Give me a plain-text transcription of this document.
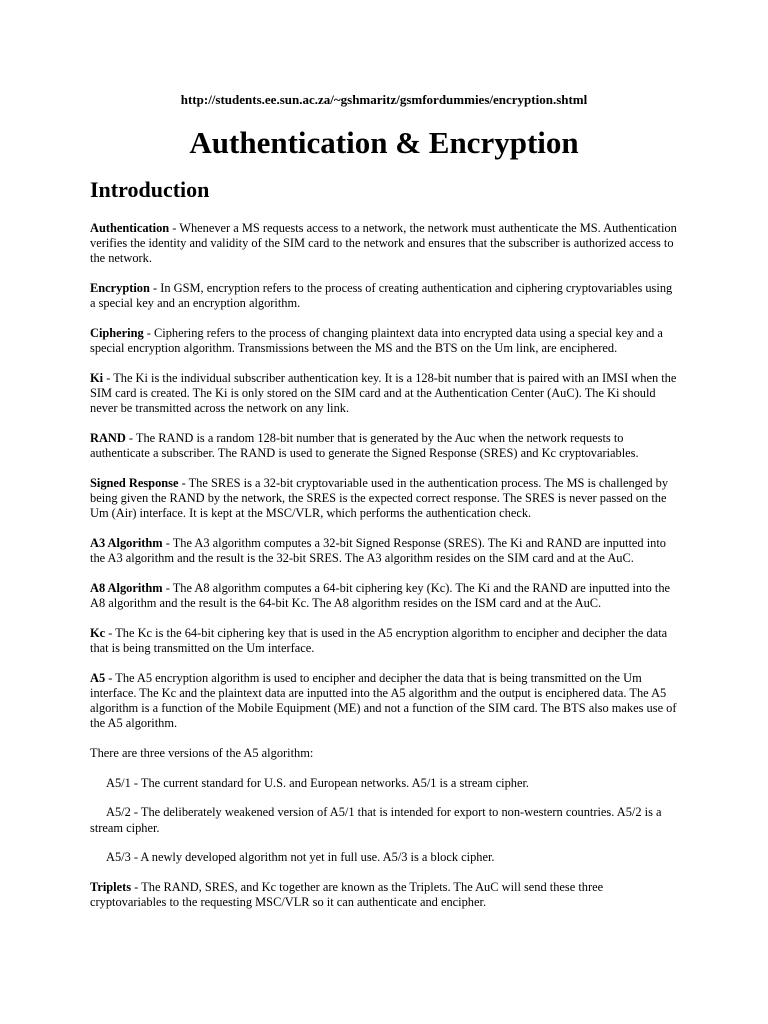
http://students.ee.sun.ac.za/~gshmaritz/gsmfordummies/encryption.shtml
Authentication & Encryption
Introduction

Authentication - Whenever a MS requests access to a network, the network must authenticate the MS. Authentication verifies the identity and validity of the SIM card to the network and ensures that the subscriber is authorized access to the network.

Encryption - In GSM, encryption refers to the process of creating authentication and ciphering cryptovariables using a special key and an encryption algorithm.

Ciphering - Ciphering refers to the process of changing plaintext data into encrypted data using a special key and a special encryption algorithm. Transmissions between the MS and the BTS on the Um link, are enciphered.

Ki - The Ki is the individual subscriber authentication key. It is a 128-bit number that is paired with an IMSI when the SIM card is created. The Ki is only stored on the SIM card and at the Authentication Center (AuC). The Ki should never be transmitted across the network on any link.

RAND - The RAND is a random 128-bit number that is generated by the Auc when the network requests to authenticate a subscriber. The RAND is used to generate the Signed Response (SRES) and Kc cryptovariables.

Signed Response - The SRES is a 32-bit cryptovariable used in the authentication process. The MS is challenged by being given the RAND by the network, the SRES is the expected correct response. The SRES is never passed on the Um (Air) interface. It is kept at the MSC/VLR, which performs the authentication check.

A3 Algorithm - The A3 algorithm computes a 32-bit Signed Response (SRES). The Ki and RAND are inputted into the A3 algorithm and the result is the 32-bit SRES. The A3 algorithm resides on the SIM card and at the AuC.

A8 Algorithm - The A8 algorithm computes a 64-bit ciphering key (Kc). The Ki and the RAND are inputted into the A8 algorithm and the result is the 64-bit Kc. The A8 algorithm resides on the ISM card and at the AuC.

Kc - The Kc is the 64-bit ciphering key that is used in the A5 encryption algorithm to encipher and decipher the data that is being transmitted on the Um interface.

A5 - The A5 encryption algorithm is used to encipher and decipher the data that is being transmitted on the Um interface. The Kc and the plaintext data are inputted into the A5 algorithm and the output is enciphered data. The A5 algorithm is a function of the Mobile Equipment (ME) and not a function of the SIM card. The BTS also makes use of the A5 algorithm.

There are three versions of the A5 algorithm:

A5/1 - The current standard for U.S. and European networks. A5/1 is a stream cipher.

A5/2 - The deliberately weakened version of A5/1 that is intended for export to non-western countries. A5/2 is a stream cipher.

A5/3 - A newly developed algorithm not yet in full use. A5/3 is a block cipher.

Triplets - The RAND, SRES, and Kc together are known as the Triplets. The AuC will send these three cryptovariables to the requesting MSC/VLR so it can authenticate and encipher.
